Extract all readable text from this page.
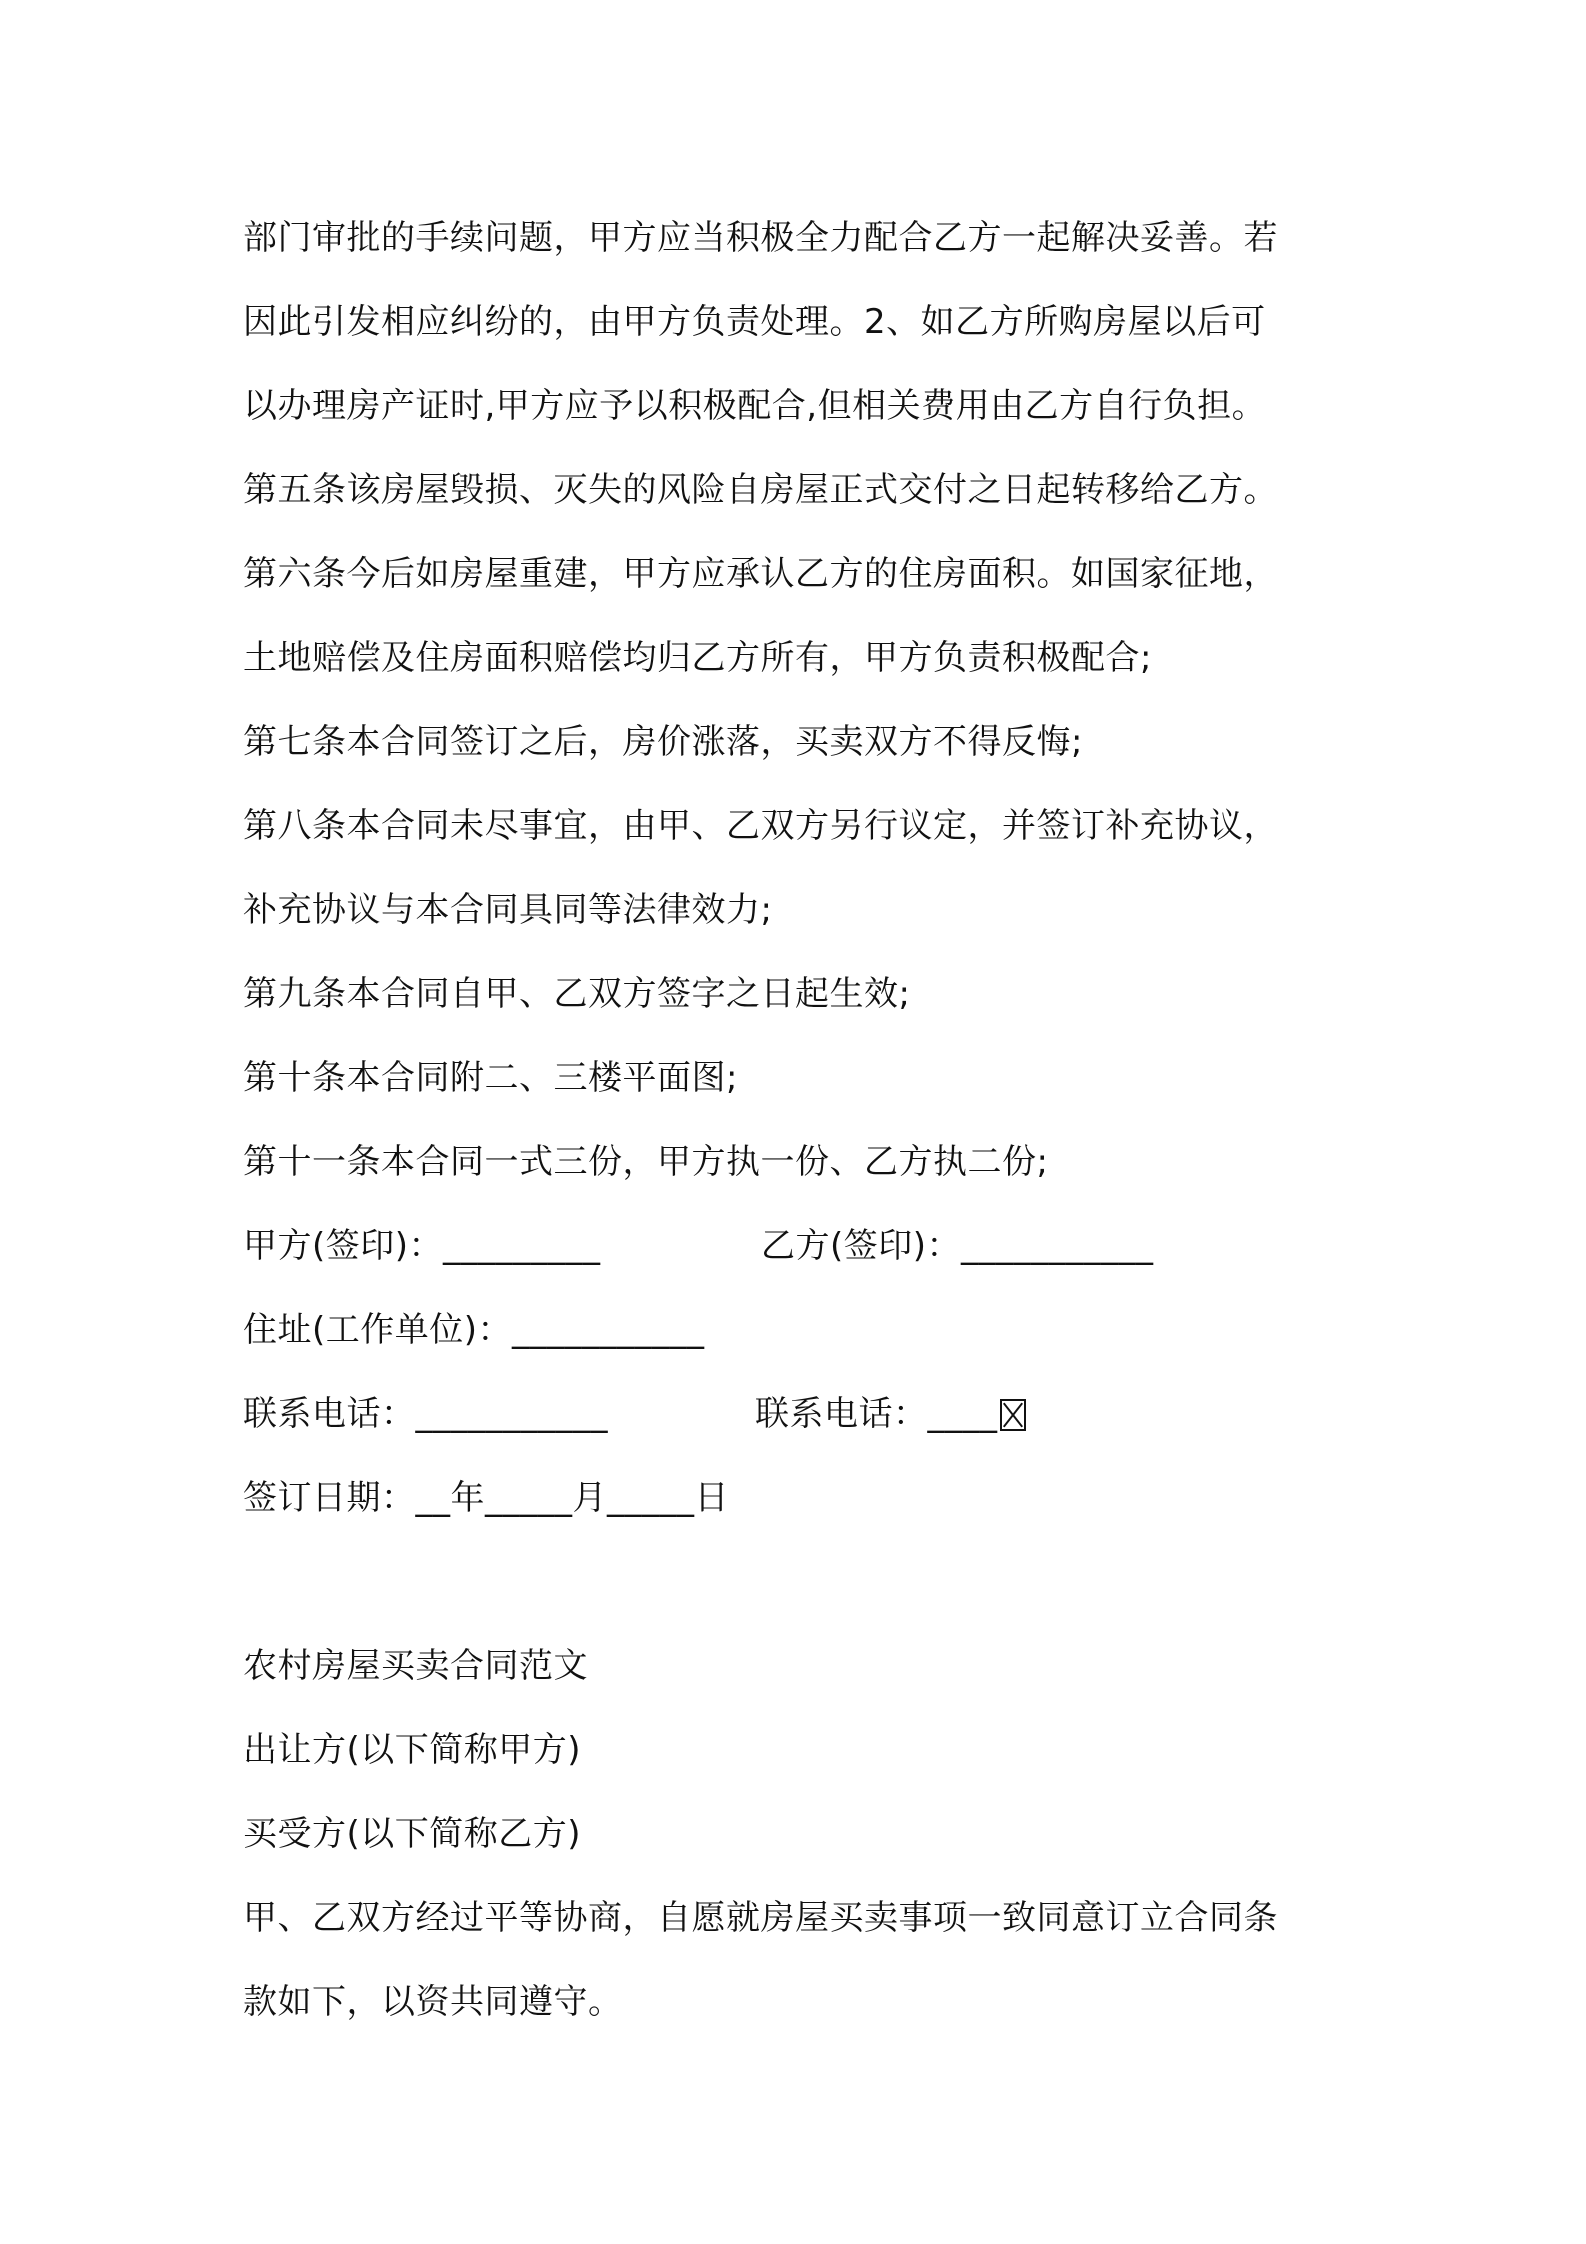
部门审批的手续问题，甲方应当积极全力配合乙方一起解决妥善。若
因此引发相应纠纷的，由甲方负责处理。2、如乙方所购房屋以后可
以办理房产证时,甲方应予以积极配合,但相关费用由乙方自行负担。
第五条该房屋毁损、灭失的风险自房屋正式交付之日起转移给乙方。
第六条今后如房屋重建，甲方应承认乙方的住房面积。如国家征地，
土地赔偿及住房面积赔偿均归乙方所有，甲方负责积极配合;
第七条本合同签订之后，房价涨落，买卖双方不得反悔;
第八条本合同未尽事宜，由甲、乙双方另行议定，并签订补充协议，
补充协议与本合同具同等法律效力;
第九条本合同自甲、乙双方签字之日起生效;
第十条本合同附二、三楼平面图;
第十一条本合同一式三份，甲方执一份、乙方执二份;
甲方(签印)：_________	乙方(签印)：___________
住址(工作单位)：___________
联系电话：___________	联系电话：____
签订日期：__年_____月_____日
农村房屋买卖合同范文
出让方(以下简称甲方)
买受方(以下简称乙方)
甲、乙双方经过平等协商，自愿就房屋买卖事项一致同意订立合同条
款如下，以资共同遵守。
